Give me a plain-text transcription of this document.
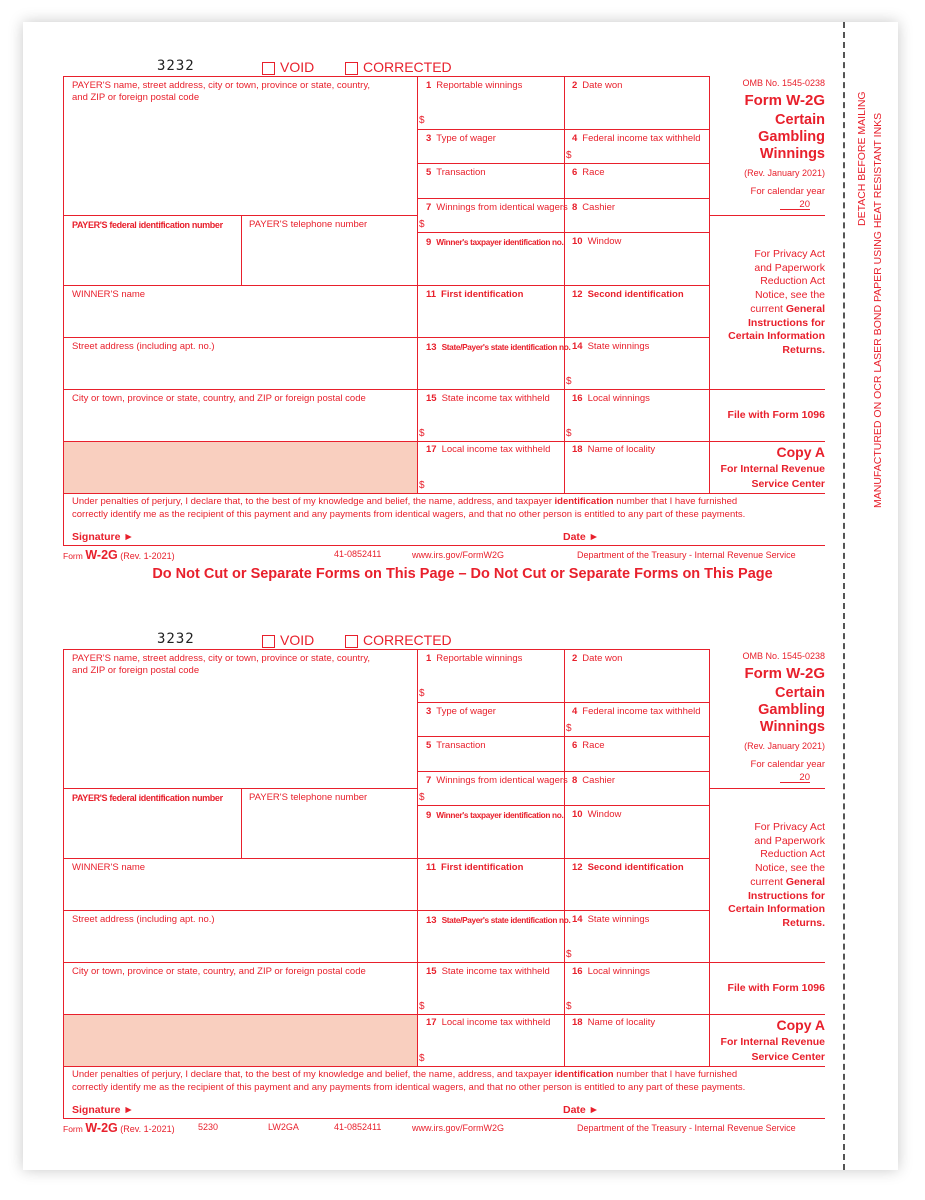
DETACH BEFORE MAILING MANUFACTURED ON OCR LASER BOND PAPER USING HEAT RESISTANT INKS
Do Not Cut or Separate Forms on This Page – Do Not Cut or Separate Forms on This Page
3232	VOID	CORRECTED
PAYER'S name, street address, city or town, province or state, country,
and ZIP or foreign postal code
PAYER'S federal identification number	PAYER'S telephone number
WINNER'S name
Street address (including apt. no.)
City or town, province or state, country, and ZIP or foreign postal code
1 Reportable winnings	2 Date won
3 Type of wager	4 Federal income tax withheld
5 Transaction	6 Race
7 Winnings from identical wagers 8 Cashier
9 Winner's taxpayer identification no. 10 Window
11 First identification	12 Second identification
13 State/Payer's state identification no. 14 State winnings
15 State income tax withheld 16 Local winnings
17 Local income tax withheld 18 Name of locality
$
$
$
$
$	$
$
OMB No. 1545-0238
Form W-2G
Certain
Gambling
Winnings
(Rev. January 2021)
For calendar year
20
For Privacy Act
and Paperwork
Reduction Act
Notice, see the
current General
Instructions for
Certain Information
Returns.
File with Form 1096
Copy A
For Internal Revenue
Service Center
Under penalties of perjury, I declare that, to the best of my knowledge and belief, the name, address, and taxpayer identification number that I have furnished
correctly identify me as the recipient of this payment and any payments from identical wagers, and that no other person is entitled to any part of these payments.
Signature ►	Date ►
Form W-2G (Rev. 1-2021)	41-0852411	www.irs.gov/FormW2G	Department of the Treasury - Internal Revenue Service
3232	VOID	CORRECTED
PAYER'S name, street address, city or town, province or state, country,
and ZIP or foreign postal code
PAYER'S federal identification number	PAYER'S telephone number
WINNER'S name
Street address (including apt. no.)
City or town, province or state, country, and ZIP or foreign postal code
1 Reportable winnings	2 Date won
3 Type of wager	4 Federal income tax withheld
5 Transaction	6 Race
7 Winnings from identical wagers 8 Cashier
9 Winner's taxpayer identification no. 10 Window
11 First identification	12 Second identification
13 State/Payer's state identification no. 14 State winnings
15 State income tax withheld 16 Local winnings
17 Local income tax withheld 18 Name of locality
$
$
$
$
$	$
$
OMB No. 1545-0238
Form W-2G
Certain
Gambling
Winnings
(Rev. January 2021)
For calendar year
20
For Privacy Act
and Paperwork
Reduction Act
Notice, see the
current General
Instructions for
Certain Information
Returns.
File with Form 1096
Copy A
For Internal Revenue
Service Center
Under penalties of perjury, I declare that, to the best of my knowledge and belief, the name, address, and taxpayer identification number that I have furnished
correctly identify me as the recipient of this payment and any payments from identical wagers, and that no other person is entitled to any part of these payments.
Signature ►	Date ►
Form W-2G (Rev. 1-2021)	5230	LW2GA	41-0852411	www.irs.gov/FormW2G	Department of the Treasury - Internal Revenue Service
